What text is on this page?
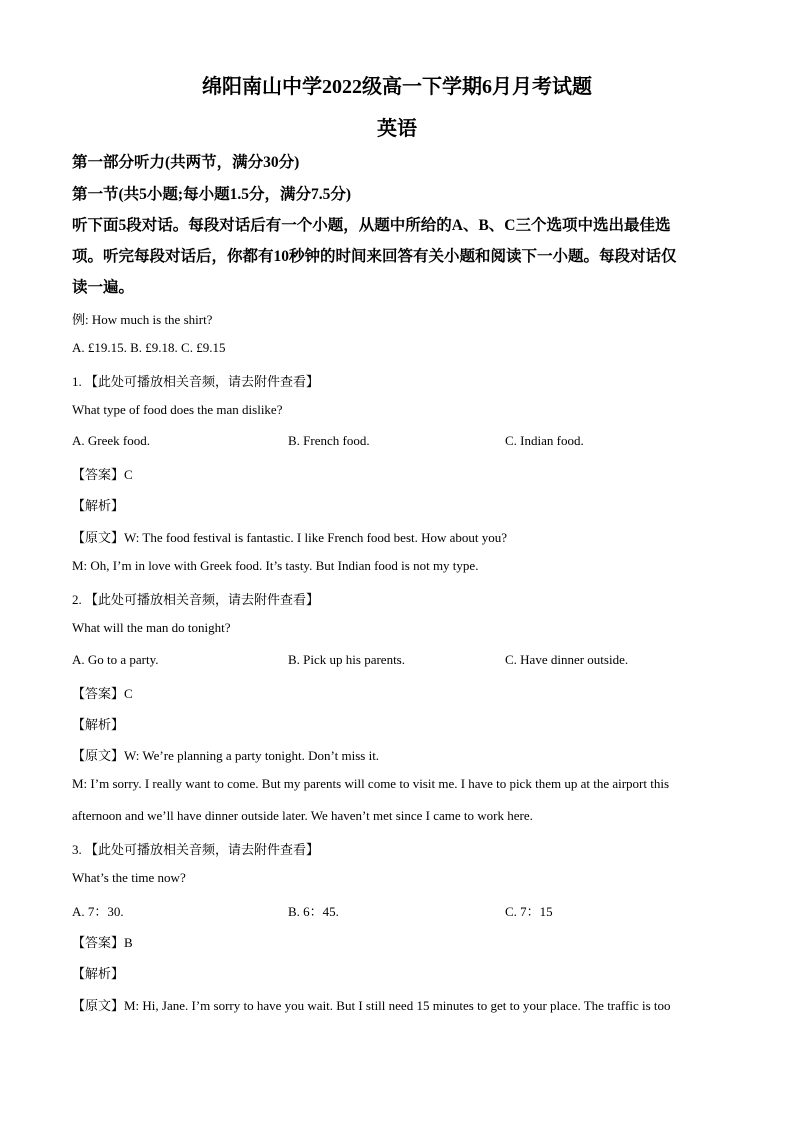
绵阳南山中学2022级高一下学期6月月考试题
英语
第一部分听力(共两节，满分30分)
第一节(共5小题;每小题1.5分，满分7.5分)
听下面5段对话。每段对话后有一个小题，从题中所给的A、B、C三个选项中选出最佳选
项。听完每段对话后，你都有10秒钟的时间来回答有关小题和阅读下一小题。每段对话仅
读一遍。
例: How much is the shirt?
A. £19.15. B. £9.18. C. £9.15
1. 【此处可播放相关音频，请去附件查看】
What type of food does the man dislike?
A. Greek food.	B. French food.	C. Indian food.
【答案】C
【解析】
【原文】W: The food festival is fantastic. I like French food best. How about you?
M: Oh, I’m in love with Greek food. It’s tasty. But Indian food is not my type.
2. 【此处可播放相关音频，请去附件查看】
What will the man do tonight?
A. Go to a party.	B. Pick up his parents.	C. Have dinner outside.
【答案】C
【解析】
【原文】W: We’re planning a party tonight. Don’t miss it.
M: I’m sorry. I really want to come. But my parents will come to visit me. I have to pick them up at the airport this
afternoon and we’ll have dinner outside later. We haven’t met since I came to work here.
3. 【此处可播放相关音频，请去附件查看】
What’s the time now?
A. 7：30.	B. 6：45.	C. 7：15
【答案】B
【解析】
【原文】M: Hi, Jane. I’m sorry to have you wait. But I still need 15 minutes to get to your place. The traffic is too
